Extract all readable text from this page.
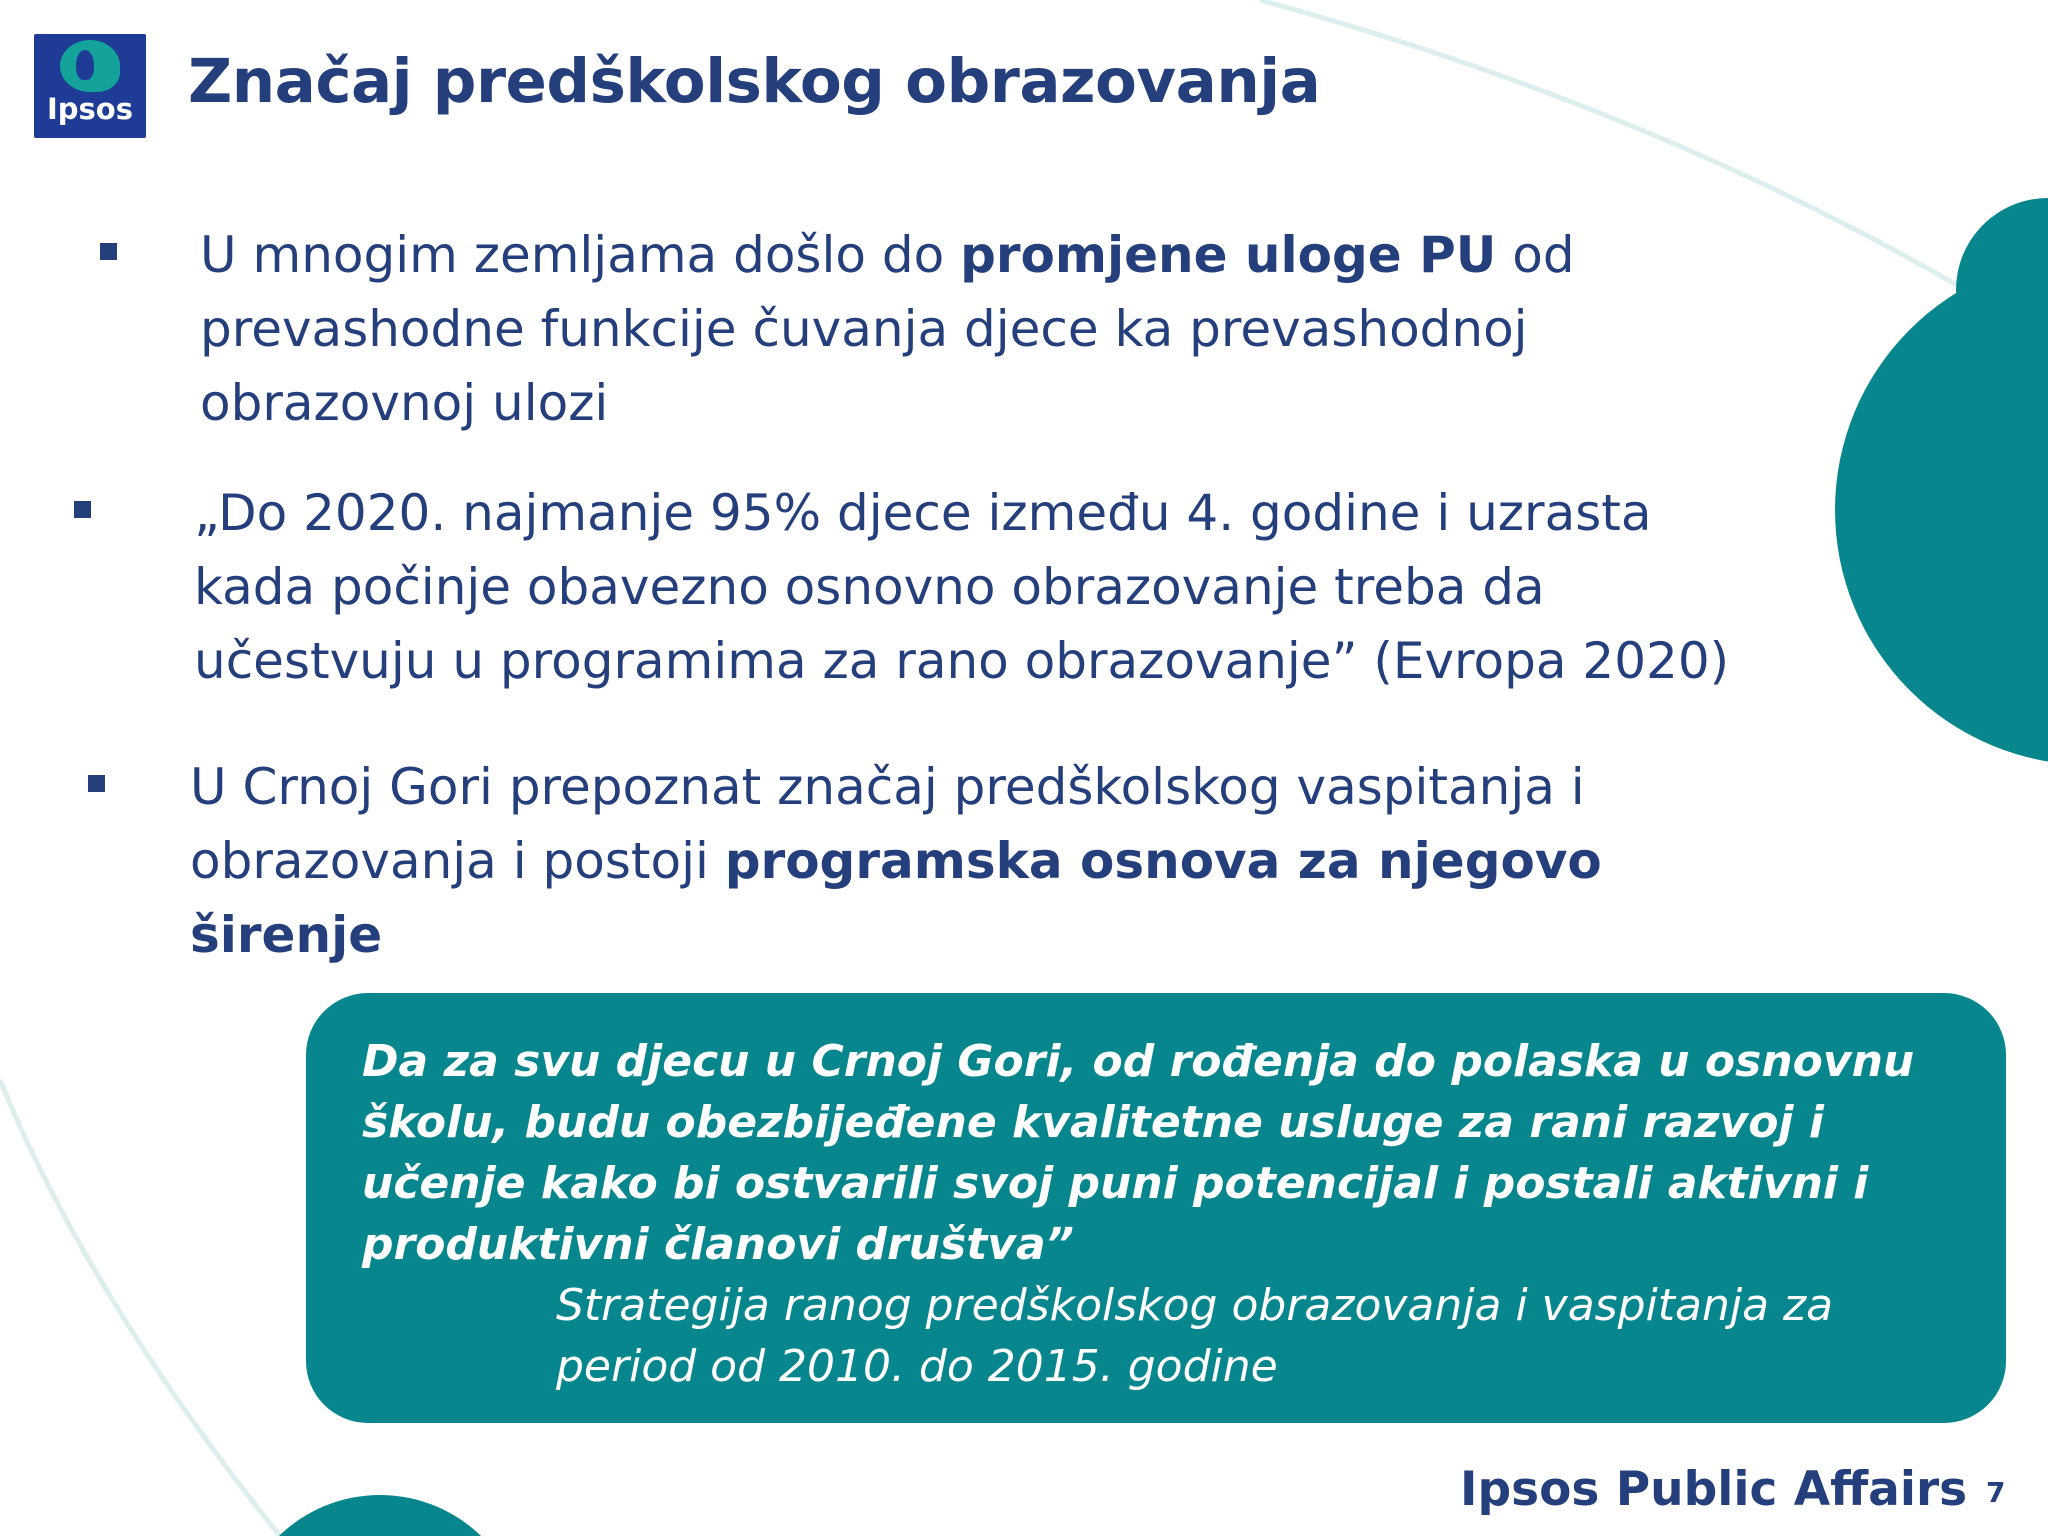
Ipsos Značaj predškolskog obrazovanja
U mnogim zemljama došlo do promjene uloge PU od
prevashodne funkcije čuvanja djece ka prevashodnoj
obrazovnoj ulozi
„Do 2020. najmanje 95% djece između 4. godine i uzrasta
kada počinje obavezno osnovno obrazovanje treba da
učestvuju u programima za rano obrazovanje” (Evropa 2020)
U Crnoj Gori prepoznat značaj predškolskog vaspitanja i
obrazovanja i postoji programska osnova za njegovo
širenje
Da za svu djecu u Crnoj Gori, od rođenja do polaska u osnovnu
školu, budu obezbijeđene kvalitetne usluge za rani razvoj i
učenje kako bi ostvarili svoj puni potencijal i postali aktivni i
produktivni članovi društva”
Strategija ranog predškolskog obrazovanja i vaspitanja za
period od 2010. do 2015. godine
Ipsos Public Affairs 7
